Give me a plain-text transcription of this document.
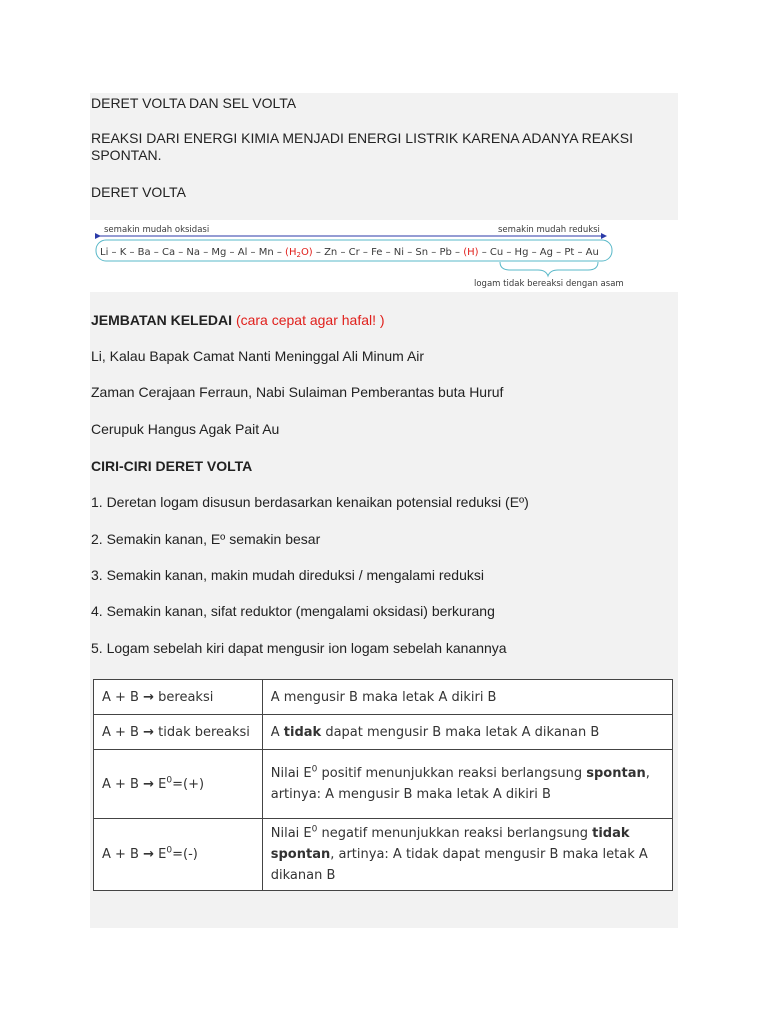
DERET VOLTA DAN SEL VOLTA
REAKSI DARI ENERGI KIMIA MENJADI ENERGI LISTRIK KARENA ADANYA REAKSI SPONTAN.
DERET VOLTA
semakin mudah oksidasi	semakin mudah reduksi
Li – K – Ba – Ca – Na – Mg – Al – Mn – $(H_2O)$ – Zn – Cr – Fe – Ni – Sn – Pb – (H) – Cu – Hg – Ag – Pt – Au
logam tidak bereaksi dengan asam
JEMBATAN KELEDAI (cara cepat agar hafal! )
Li, Kalau Bapak Camat Nanti Meninggal Ali Minum Air
Zaman Cerajaan Ferraun, Nabi Sulaiman Pemberantas buta Huruf
Cerupuk Hangus Agak Pait Au
CIRI-CIRI DERET VOLTA
1. Deretan logam disusun berdasarkan kenaikan potensial reduksi (Eº)
2. Semakin kanan, Eº semakin besar
3. Semakin kanan, makin mudah direduksi / mengalami reduksi
4. Semakin kanan, sifat reduktor (mengalami oksidasi) berkurang
5. Logam sebelah kiri dapat mengusir ion logam sebelah kanannya
A + B → bereaksi	A mengusir B maka letak A dikiri B
A + B → tidak bereaksi	A tidak dapat mengusir B maka letak A dikanan B
$A + B \to E^0=(+)$	Nilai $E^0$ positif menunjukkan reaksi berlangsung spontan, artinya: A mengusir B maka letak A dikiri B
$A + B \to E^0=(-)$	Nilai $E^0$ negatif menunjukkan reaksi berlangsung tidak spontan, artinya: A tidak dapat mengusir B maka letak A dikanan B
